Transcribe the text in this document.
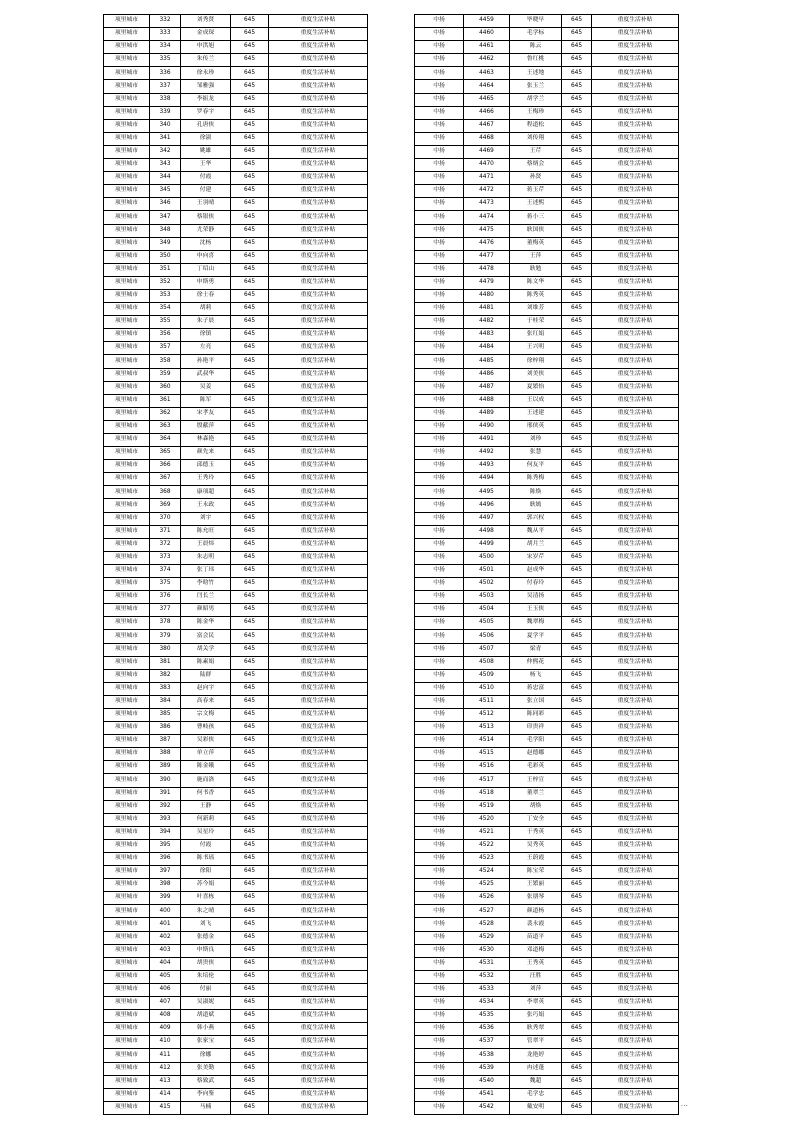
项里城市	332	刘秀贤	645	重度生活补贴
项里城市	333	金成琛	645	重度生活补贴
项里城市	334	申洪旭	645	重度生活补贴
项里城市	335	朱传兰	645	重度生活补贴
项里城市	336	徐永珍	645	重度生活补贴
项里城市	337	邹雅强	645	重度生活补贴
项里城市	338	李振龙	645	重度生活补贴
项里城市	339	罗春宇	645	重度生活补贴
项里城市	340	孔唐侠	645	重度生活补贴
项里城市	341	徐淑	645	重度生活补贴
项里城市	342	姚雄	645	重度生活补贴
项里城市	343	王华	645	重度生活补贴
项里城市	344	付霞	645	重度生活补贴
项里城市	345	付建	645	重度生活补贴
项里城市	346	王羽晴	645	重度生活补贴
项里城市	347	蔡银侠	645	重度生活补贴
项里城市	348	尤荣静	645	重度生活补贴
项里城市	349	沈杨	645	重度生活补贴
项里城市	350	申向喜	645	重度生活补贴
项里城市	351	丁绍山	645	重度生活补贴
项里城市	352	申斯勇	645	重度生活补贴
项里城市	353	徐士春	645	重度生活补贴
项里城市	354	胡莉	645	重度生活补贴
项里城市	355	朱子晨	645	重度生活补贴
项里城市	356	徐镇	645	重度生活补贴
项里城市	357	左亮	645	重度生活补贴
项里城市	358	孙艳平	645	重度生活补贴
项里城市	359	武叔华	645	重度生活补贴
项里城市	360	吴姜	645	重度生活补贴
项里城市	361	陈军	645	重度生活补贴
项里城市	362	宋孝友	645	重度生活补贴
项里城市	363	殷献萍	645	重度生活补贴
项里城市	364	林森艳	645	重度生活补贴
项里城市	365	颜先来	645	重度生活补贴
项里城市	366	邱德玉	645	重度生活补贴
项里城市	367	王秀玲	645	重度生活补贴
项里城市	368	康项超	645	重度生活补贴
项里城市	369	王永政	645	重度生活补贴
项里城市	370	刘宇	645	重度生活补贴
项里城市	371	陈允旺	645	重度生活补贴
项里城市	372	王晨炜	645	重度生活补贴
项里城市	373	朱志明	645	重度生活补贴
项里城市	374	张丁玮	645	重度生活补贴
项里城市	375	李晗竹	645	重度生活补贴
项里城市	376	闫长兰	645	重度生活补贴
项里城市	377	颜昭男	645	重度生活补贴
项里城市	378	陈金华	645	重度生活补贴
项里城市	379	富会民	645	重度生活补贴
项里城市	380	胡关学	645	重度生活补贴
项里城市	381	陈素娟	645	重度生活补贴
项里城市	382	陆群	645	重度生活补贴
项里城市	383	赵向宇	645	重度生活补贴
项里城市	384	高春来	645	重度生活补贴
项里城市	385	宗文梅	645	重度生活补贴
项里城市	386	曹岐孩	645	重度生活补贴
项里城市	387	吴彩侠	645	重度生活补贴
项里城市	388	单立萍	645	重度生活补贴
项里城市	389	陈金娥	645	重度生活补贴
项里城市	390	施而洛	645	重度生活补贴
项里城市	391	何书香	645	重度生活补贴
项里城市	392	王静	645	重度生活补贴
项里城市	393	何新莉	645	重度生活补贴
项里城市	394	吴星玲	645	重度生活补贴
项里城市	395	付霞	645	重度生活补贴
项里城市	396	陈书瑶	645	重度生活补贴
项里城市	397	徐阳	645	重度生活补贴
项里城市	398	苏今娟	645	重度生活补贴
项里城市	399	叶喜栋	645	重度生活补贴
项里城市	400	朱之晴	645	重度生活补贴
项里城市	401	刘飞	645	重度生活补贴
项里城市	402	张德金	645	重度生活补贴
项里城市	403	申斯良	645	重度生活补贴
项里城市	404	胡贵侠	645	重度生活补贴
项里城市	405	朱培伦	645	重度生活补贴
项里城市	406	付丽	645	重度生活补贴
项里城市	407	吴淑妮	645	重度生活补贴
项里城市	408	胡道斌	645	重度生活补贴
项里城市	409	韩小燕	645	重度生活补贴
项里城市	410	张家宝	645	重度生活补贴
项里城市	411	徐娜	645	重度生活补贴
项里城市	412	张美勤	645	重度生活补贴
项里城市	413	蔡致武	645	重度生活补贴
项里城市	414	李向鉴	645	重度生活补贴
项里城市	415	马楠	645	重度生活补贴
中扬	4459	毕晓早	645	重度生活补贴
中扬	4460	毛学标	645	重度生活补贴
中扬	4461	陈云	645	重度生活补贴
中扬	4462	鲁红桃	645	重度生活补贴
中扬	4463	王述地	645	重度生活补贴
中扬	4464	张玉兰	645	重度生活补贴
中扬	4465	胡学兰	645	重度生活补贴
中扬	4466	王梅珍	645	重度生活补贴
中扬	4467	程道松	645	重度生活补贴
中扬	4468	刘传翔	645	重度生活补贴
中扬	4469	王芹	645	重度生活补贴
中扬	4470	蔡炳会	645	重度生活补贴
中扬	4471	孙贤	645	重度生活补贴
中扬	4472	蒋玉芹	645	重度生活补贴
中扬	4473	王述熙	645	重度生活补贴
中扬	4474	蒋小三	645	重度生活补贴
中扬	4475	耿国侠	645	重度生活补贴
中扬	4476	董梅英	645	重度生活补贴
中扬	4477	王萍	645	重度生活补贴
中扬	4478	耿勉	645	重度生活补贴
中扬	4479	陈文华	645	重度生活补贴
中扬	4480	陈秀英	645	重度生活补贴
中扬	4481	刘维芳	645	重度生活补贴
中扬	4482	于桂荣	645	重度生活补贴
中扬	4483	张红娟	645	重度生活补贴
中扬	4484	王兴明	645	重度生活补贴
中扬	4485	徐梓翔	645	重度生活补贴
中扬	4486	刘美侠	645	重度生活补贴
中扬	4487	夏繁怡	645	重度生活补贴
中扬	4488	王以成	645	重度生活补贴
中扬	4489	王述建	645	重度生活补贴
中扬	4490	邢侠英	645	重度生活补贴
中扬	4491	刘珍	645	重度生活补贴
中扬	4492	张慧	645	重度生活补贴
中扬	4493	何友平	645	重度生活补贴
中扬	4494	陈秀梅	645	重度生活补贴
中扬	4495	陈焕	645	重度生活补贴
中扬	4496	耿嫣	645	重度生活补贴
中扬	4497	郭兴权	645	重度生活补贴
中扬	4498	魏从平	645	重度生活补贴
中扬	4499	胡月兰	645	重度生活补贴
中扬	4500	宋岁芹	645	重度生活补贴
中扬	4501	赵成华	645	重度生活补贴
中扬	4502	付春玲	645	重度生活补贴
中扬	4503	吴清扬	645	重度生活补贴
中扬	4504	王玉侠	645	重度生活补贴
中扬	4505	魏翠梅	645	重度生活补贴
中扬	4506	夏学平	645	重度生活补贴
中扬	4507	梁青	645	重度生活补贴
中扬	4508	仲熙花	645	重度生活补贴
中扬	4509	杨飞	645	重度生活补贴
中扬	4510	蒋忠富	645	重度生活补贴
中扬	4511	张立国	645	重度生活补贴
中扬	4512	陈同彩	645	重度生活补贴
中扬	4513	印贵祥	645	重度生活补贴
中扬	4514	毛学阳	645	重度生活补贴
中扬	4515	赵德娜	645	重度生活补贴
中扬	4516	毛彩英	645	重度生活补贴
中扬	4517	王梓宣	645	重度生活补贴
中扬	4518	董翠兰	645	重度生活补贴
中扬	4519	胡焕	645	重度生活补贴
中扬	4520	丁安全	645	重度生活补贴
中扬	4521	于秀英	645	重度生活补贴
中扬	4522	吴秀英	645	重度生活补贴
中扬	4523	王蔚霞	645	重度生活补贴
中扬	4524	陈宝荣	645	重度生活补贴
中扬	4525	王繁丽	645	重度生活补贴
中扬	4526	张朋琴	645	重度生活补贴
中扬	4527	颜道杨	645	重度生活补贴
中扬	4528	裴永霞	645	重度生活补贴
中扬	4529	苗道平	645	重度生活补贴
中扬	4530	邓道梅	645	重度生活补贴
中扬	4531	王秀英	645	重度生活补贴
中扬	4532	汪胜	645	重度生活补贴
中扬	4533	刘萍	645	重度生活补贴
中扬	4534	李翠英	645	重度生活补贴
中扬	4535	张巧娟	645	重度生活补贴
中扬	4536	耿秀翠	645	重度生活补贴
中扬	4537	管翠平	645	重度生活补贴
中扬	4538	龙艳婷	645	重度生活补贴
中扬	4539	冉述蓬	645	重度生活补贴
中扬	4540	魏超	645	重度生活补贴
中扬	4541	毛学忠	645	重度生活补贴
中扬	4542	戴安明	645	重度生活补贴	...
